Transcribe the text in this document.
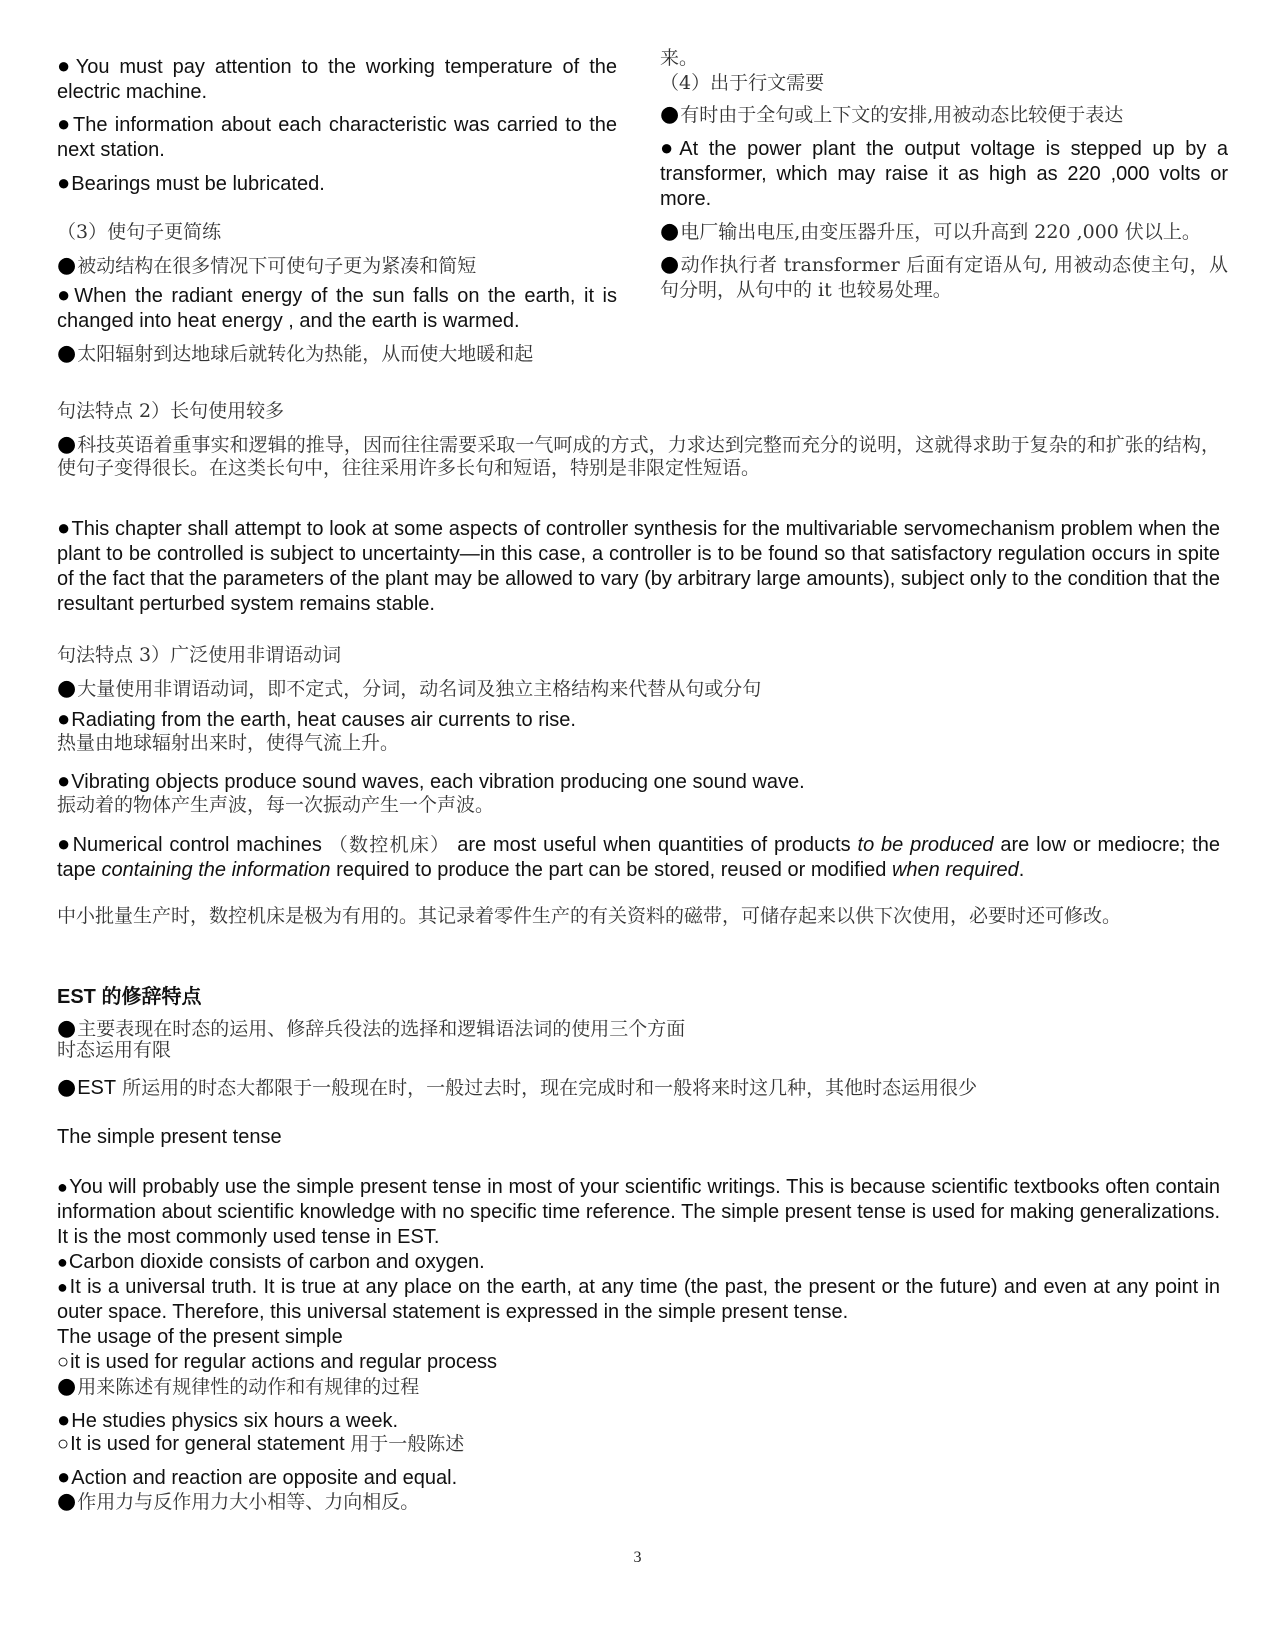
●You must pay attention to the working temperature of the electric machine.

●The information about each characteristic was carried to the next station.

●Bearings must be lubricated.

（3）使句子更简练

●被动结构在很多情况下可使句子更为紧凑和简短

●When the radiant energy of the sun falls on the earth, it is changed into heat energy , and the earth is warmed.

●太阳辐射到达地球后就转化为热能，从而使大地暖和起

来。

（4）出于行文需要

●有时由于全句或上下文的安排,用被动态比较便于表达

●At the power plant the output voltage is stepped up by a transformer, which may raise it as high as 220 ,000 volts or more.

●电厂输出电压,由变压器升压，可以升高到 220 ,000 伏以上。

●动作执行者 transformer 后面有定语从句, 用被动态使主句，从句分明，从句中的 it 也较易处理。

句法特点 2）长句使用较多

●科技英语着重事实和逻辑的推导，因而往往需要采取一气呵成的方式，力求达到完整而充分的说明，这就得求助于复杂的和扩张的结构，使句子变得很长。在这类长句中，往往采用许多长句和短语，特别是非限定性短语。

●This chapter shall attempt to look at some aspects of controller synthesis for the multivariable servomechanism problem when the plant to be controlled is subject to uncertainty—in this case, a controller is to be found so that satisfactory regulation occurs in spite of the fact that the parameters of the plant may be allowed to vary (by arbitrary large amounts), subject only to the condition that the resultant perturbed system remains stable.

句法特点 3）广泛使用非谓语动词

●大量使用非谓语动词，即不定式，分词，动名词及独立主格结构来代替从句或分句

●Radiating from the earth, heat causes air currents to rise.

热量由地球辐射出来时，使得气流上升。

●Vibrating objects produce sound waves, each vibration producing one sound wave.

振动着的物体产生声波，每一次振动产生一个声波。

●Numerical control machines （数控机床） are most useful when quantities of products to be produced are low or mediocre; the tape containing the information required to produce the part can be stored, reused or modified when required.

中小批量生产时，数控机床是极为有用的。其记录着零件生产的有关资料的磁带，可储存起来以供下次使用，必要时还可修改。

EST 的修辞特点

●主要表现在时态的运用、修辞兵役法的选择和逻辑语法词的使用三个方面

时态运用有限

●EST 所运用的时态大都限于一般现在时，一般过去时，现在完成时和一般将来时这几种，其他时态运用很少

The simple present tense

●You will probably use the simple present tense in most of your scientific writings. This is because scientific textbooks often contain information about scientific knowledge with no specific time reference. The simple present tense is used for making generalizations. It is the most commonly used tense in EST.

●Carbon dioxide consists of carbon and oxygen.

●It is a universal truth. It is true at any place on the earth, at any time (the past, the present or the future) and even at any point in outer space. Therefore, this universal statement is expressed in the simple present tense.

The usage of the present simple

○it is used for regular actions and regular process

●用来陈述有规律性的动作和有规律的过程

●He studies physics six hours a week.

○It is used for general statement 用于一般陈述

●Action and reaction are opposite and equal.

●作用力与反作用力大小相等、力向相反。

3
